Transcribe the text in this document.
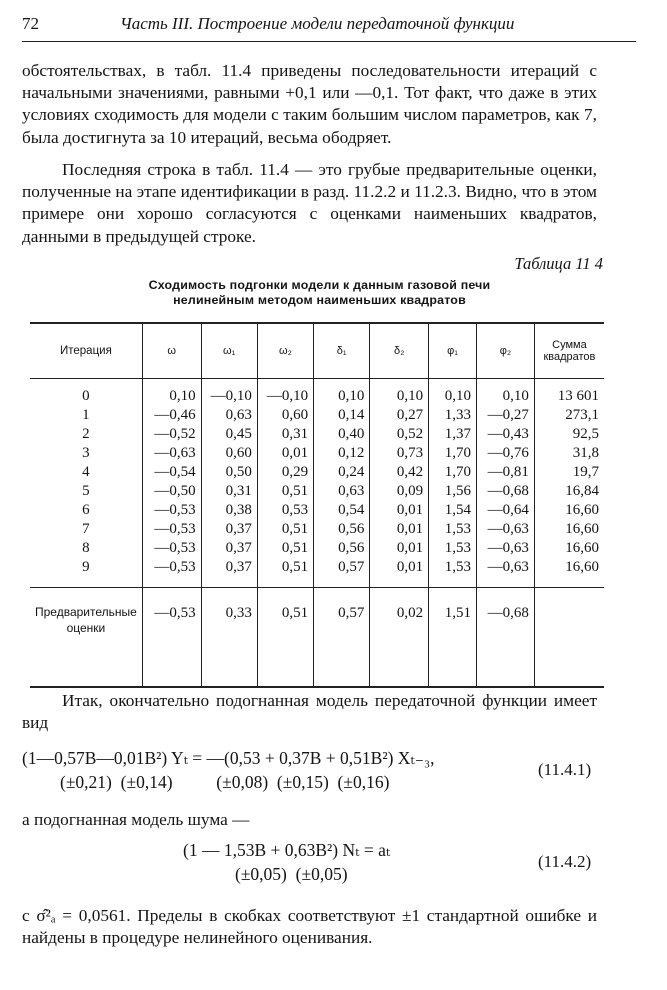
72	Часть III. Построение модели передаточной функции

обстоятельствах, в табл. 11.4 приведены последовательности итераций с начальными значениями, равными +0,1 или —0,1. Тот факт, что даже в этих условиях сходимость для модели с таким большим числом параметров, как 7, была достигнута за 10 итераций, весьма ободряет.

Последняя строка в табл. 11.4 — это грубые предварительные оценки, полученные на этапе идентификации в разд. 11.2.2 и 11.2.3. Видно, что в этом примере они хорошо согласуются с оценками наименьших квадратов, данными в предыдущей строке.

Таблица 11 4
Сходимость подгонки модели к данным газовой печи
нелинейным методом наименьших квадратов
Итерация	ω	ω₁	ω₂	δ₁	δ₂	φ₁	φ₂	Сумма квадратов
0	0,10	—0,10	—0,10	0,10	0,10	0,10	0,10	13 601
1	—0,46	0,63	0,60	0,14	0,27	1,33	—0,27	273,1
2	—0,52	0,45	0,31	0,40	0,52	1,37	—0,43	92,5
3	—0,63	0,60	0,01	0,12	0,73	1,70	—0,76	31,8
4	—0,54	0,50	0,29	0,24	0,42	1,70	—0,81	19,7
5	—0,50	0,31	0,51	0,63	0,09	1,56	—0,68	16,84
6	—0,53	0,38	0,53	0,54	0,01	1,54	—0,64	16,60
7	—0,53	0,37	0,51	0,56	0,01	1,53	—0,63	16,60
8	—0,53	0,37	0,51	0,56	0,01	1,53	—0,63	16,60
9	—0,53	0,37	0,51	0,57	0,01	1,53	—0,63	16,60
Предварительные оценки	—0,53	0,33	0,51	0,57	0,02	1,51	—0,68	

Итак, окончательно подогнанная модель передаточной функции имеет вид

(1—0,57B—0,01B²) Yₜ = —(0,53 + 0,37B + 0,51B²) Xₜ₋₃,
(±0,21)  (±0,14)          (±0,08)  (±0,15)  (±0,16)
(11.4.1)
а подогнанная модель шума —
(1 — 1,53B + 0,63B²) Nₜ = aₜ
(±0,05)  (±0,05)
(11.4.2)

с σ̂²ₐ = 0,0561. Пределы в скобках соответствуют ±1 стандартной ошибке и найдены в процедуре нелинейного оценивания.
